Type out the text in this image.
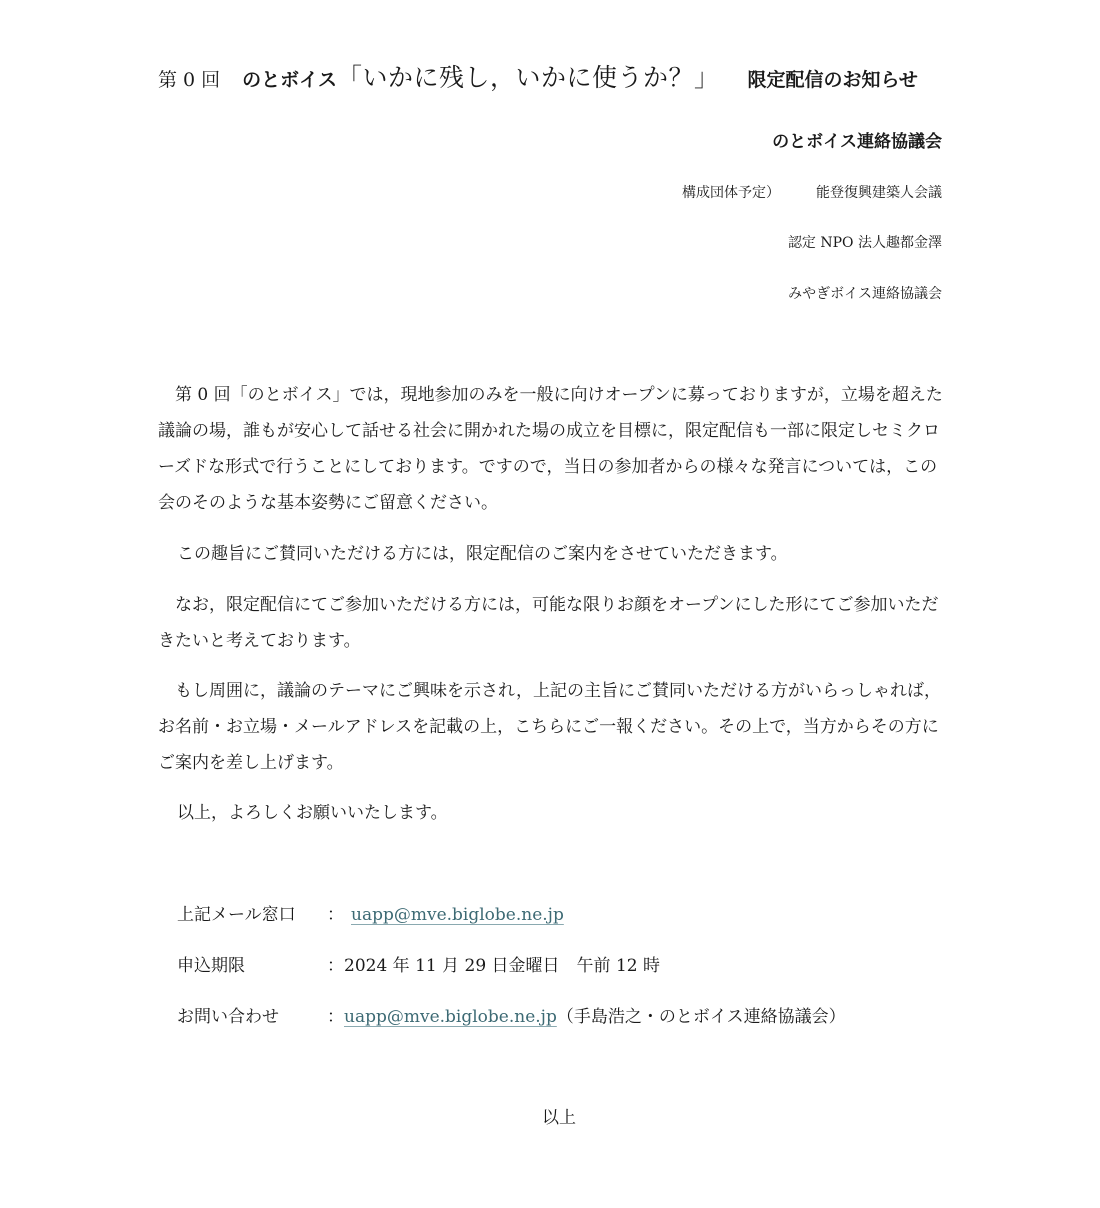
第 0 回 のとボイス「いかに残し，いかに使うか？」 限定配信のお知らせ
のとボイス連絡協議会
構成団体予定）	能登復興建築人会議
認定 NPO 法人趣都金澤
みやぎボイス連絡協議会

　第 0 回「のとボイス」では，現地参加のみを一般に向けオープンに募っておりますが，立場を超えた議論の場，誰もが安心して話せる社会に開かれた場の成立を目標に，限定配信も一部に限定しセミクローズドな形式で行うことにしております。ですので，当日の参加者からの様々な発言については，この会のそのような基本姿勢にご留意ください。

この趣旨にご賛同いただける方には，限定配信のご案内をさせていただきます。

　なお，限定配信にてご参加いただける方には，可能な限りお顔をオープンにした形にてご参加いただきたいと考えております。

　もし周囲に，議論のテーマにご興味を示され，上記の主旨にご賛同いただける方がいらっしゃれば，お名前・お立場・メールアドレスを記載の上，こちらにご一報ください。その上で，当方からその方にご案内を差し上げます。

以上，よろしくお願いいたします。

上記メール窓口 ： uapp@mve.biglobe.ne.jp
申込期限	：2024 年 11 月 29 日金曜日　午前 12 時
お問い合わせ	：uapp@mve.biglobe.ne.jp（手島浩之・のとボイス連絡協議会）
以上
